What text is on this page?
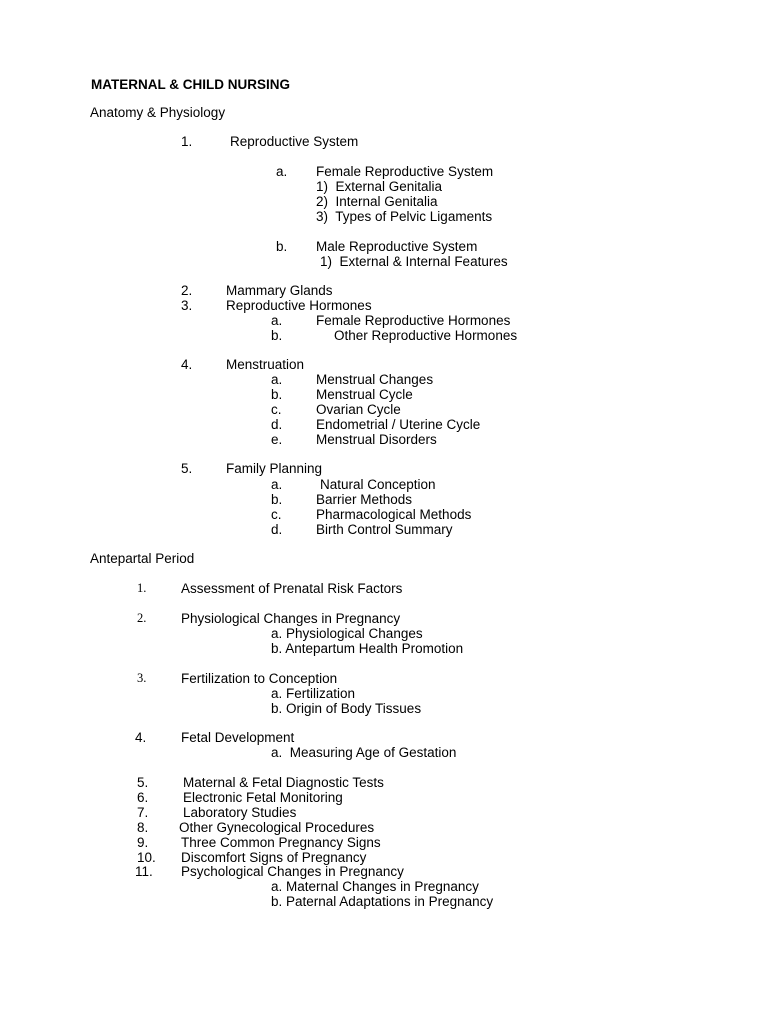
MATERNAL & CHILD NURSING
Anatomy & Physiology
1.	Reproductive System
a. Female Reproductive System
1)  External Genitalia
2)  Internal Genitalia
3)  Types of Pelvic Ligaments
b. Male Reproductive System
1)  External & Internal Features
2. Mammary Glands
3. Reproductive Hormones
a. Female Reproductive Hormones
b.	Other Reproductive Hormones
4. Menstruation
a. Menstrual Changes
b. Menstrual Cycle
c.	Ovarian Cycle
d. Endometrial / Uterine Cycle
e. Menstrual Disorders
5. Family Planning
a.	Natural Conception
b. Barrier Methods
c.	Pharmacological Methods
d. Birth Control Summary
Antepartal Period
1.	Assessment of Prenatal Risk Factors
2.	Physiological Changes in Pregnancy
a. Physiological Changes
b. Antepartum Health Promotion
3.	Fertilization to Conception
a. Fertilization
b. Origin of Body Tissues
4.	Fetal Development
a.  Measuring Age of Gestation
5.	Maternal & Fetal Diagnostic Tests
6.	Electronic Fetal Monitoring
7.	Laboratory Studies
8. Other Gynecological Procedures
9. Three Common Pregnancy Signs
10. Discomfort Signs of Pregnancy
11. Psychological Changes in Pregnancy
a. Maternal Changes in Pregnancy
b. Paternal Adaptations in Pregnancy
